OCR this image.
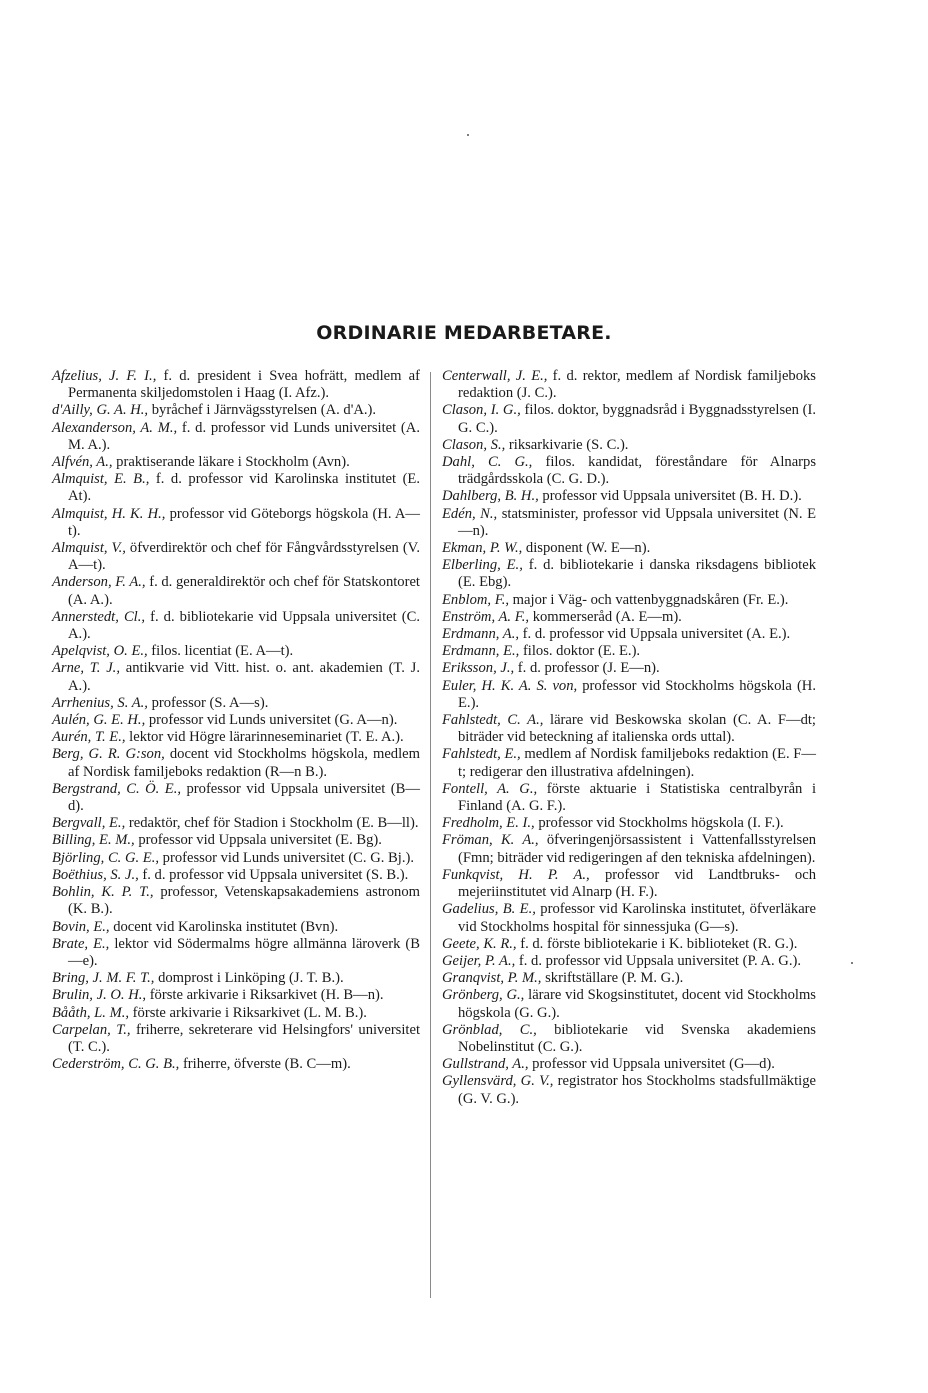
ORDINARIE MEDARBETARE.

Afzelius, J. F. I., f. d. president i Svea hofrätt, medlem af Permanenta skiljedomstolen i Haag (I. Afz.).

d'Ailly, G. A. H., byråchef i Järnvägsstyrelsen (A. d'A.).

Alexanderson, A. M., f. d. professor vid Lunds universitet (A. M. A.).

Alfvén, A., praktiserande läkare i Stockholm (Avn).

Almquist, E. B., f. d. professor vid Karolinska institutet (E. At).

Almquist, H. K. H., professor vid Göteborgs högskola (H. A—t).

Almquist, V., öfverdirektör och chef för Fångvårdsstyrelsen (V. A—t).

Anderson, F. A., f. d. generaldirektör och chef för Statskontoret (A. A.).

Annerstedt, Cl., f. d. bibliotekarie vid Uppsala universitet (C. A.).

Apelqvist, O. E., filos. licentiat (E. A—t).

Arne, T. J., antikvarie vid Vitt. hist. o. ant. akademien (T. J. A.).

Arrhenius, S. A., professor (S. A—s).

Aulén, G. E. H., professor vid Lunds universitet (G. A—n).

Aurén, T. E., lektor vid Högre lärarinneseminariet (T. E. A.).

Berg, G. R. G:son, docent vid Stockholms högskola, medlem af Nordisk familjeboks redaktion (R—n B.).

Bergstrand, C. Ö. E., professor vid Uppsala universitet (B—d).

Bergvall, E., redaktör, chef för Stadion i Stockholm (E. B—ll).

Billing, E. M., professor vid Uppsala universitet (E. Bg).

Björling, C. G. E., professor vid Lunds universitet (C. G. Bj.).

Boëthius, S. J., f. d. professor vid Uppsala universitet (S. B.).

Bohlin, K. P. T., professor, Vetenskapsakademiens astronom (K. B.).

Bovin, E., docent vid Karolinska institutet (Bvn).

Brate, E., lektor vid Södermalms högre allmänna läroverk (B—e).

Bring, J. M. F. T., domprost i Linköping (J. T. B.).

Brulin, J. O. H., förste arkivarie i Riksarkivet (H. B—n).

Bååth, L. M., förste arkivarie i Riksarkivet (L. M. B.).

Carpelan, T., friherre, sekreterare vid Helsingfors' universitet (T. C.).

Cederström, C. G. B., friherre, öfverste (B. C—m).

Centerwall, J. E., f. d. rektor, medlem af Nordisk familjeboks redaktion (J. C.).

Clason, I. G., filos. doktor, byggnadsråd i Byggnadsstyrelsen (I. G. C.).

Clason, S., riksarkivarie (S. C.).

Dahl, C. G., filos. kandidat, föreståndare för Alnarps trädgårdsskola (C. G. D.).

Dahlberg, B. H., professor vid Uppsala universitet (B. H. D.).

Edén, N., statsminister, professor vid Uppsala universitet (N. E—n).

Ekman, P. W., disponent (W. E—n).

Elberling, E., f. d. bibliotekarie i danska riksdagens bibliotek (E. Ebg).

Enblom, F., major i Väg- och vattenbyggnadskåren (Fr. E.).

Enström, A. F., kommerseråd (A. E—m).

Erdmann, A., f. d. professor vid Uppsala universitet (A. E.).

Erdmann, E., filos. doktor (E. E.).

Eriksson, J., f. d. professor (J. E—n).

Euler, H. K. A. S. von, professor vid Stockholms högskola (H. E.).

Fahlstedt, C. A., lärare vid Beskowska skolan (C. A. F—dt; biträder vid beteckning af italienska ords uttal).

Fahlstedt, E., medlem af Nordisk familjeboks redaktion (E. F—t; redigerar den illustrativa afdelningen).

Fontell, A. G., förste aktuarie i Statistiska centralbyrån i Finland (A. G. F.).

Fredholm, E. I., professor vid Stockholms högskola (I. F.).

Fröman, K. A., öfveringenjörsassistent i Vattenfallsstyrelsen (Fmn; biträder vid redigeringen af den tekniska afdelningen).

Funkqvist, H. P. A., professor vid Landtbruks- och mejeriinstitutet vid Alnarp (H. F.).

Gadelius, B. E., professor vid Karolinska institutet, öfverläkare vid Stockholms hospital för sinnessjuka (G—s).

Geete, K. R., f. d. förste bibliotekarie i K. biblioteket (R. G.).

Geijer, P. A., f. d. professor vid Uppsala universitet (P. A. G.).

Granqvist, P. M., skriftställare (P. M. G.).

Grönberg, G., lärare vid Skogsinstitutet, docent vid Stockholms högskola (G. G.).

Grönblad, C., bibliotekarie vid Svenska akademiens Nobelinstitut (C. G.).

Gullstrand, A., professor vid Uppsala universitet (G—d).

Gyllensvärd, G. V., registrator hos Stockholms stadsfullmäktige (G. V. G.).
